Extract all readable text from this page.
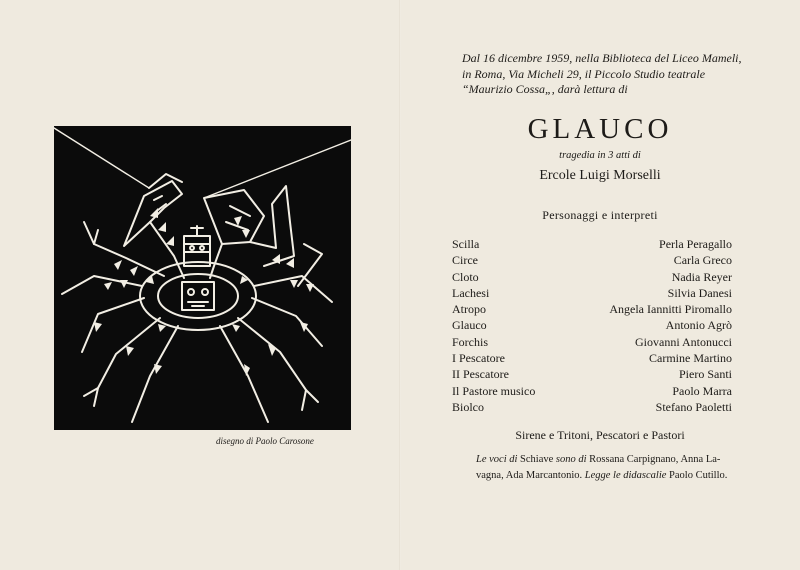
disegno di Paolo Carosone
Dal 16 dicembre 1959, nella Biblioteca del Liceo Mameli,
in Roma, Via Micheli 29, il Piccolo Studio teatrale
“Maurizio Cossa„, darà lettura di
GLAUCO
tragedia in 3 atti di
Ercole Luigi Morselli
Personaggi e interpreti
Scilla	Perla Peragallo
Circe	Carla Greco
Cloto	Nadia Reyer
Lachesi	Silvia Danesi
Atropo	Angela Iannitti Piromallo
Glauco	Antonio Agrò
Forchis	Giovanni Antonucci
I Pescatore	Carmine Martino
II Pescatore	Piero Santi
Il Pastore musico	Paolo Marra
Biolco	Stefano Paoletti
Sirene e Tritoni, Pescatori e Pastori
Le voci di Schiave sono di Rossana Carpignano, Anna La-
vagna, Ada Marcantonio. Legge le didascalie Paolo Cutillo.
